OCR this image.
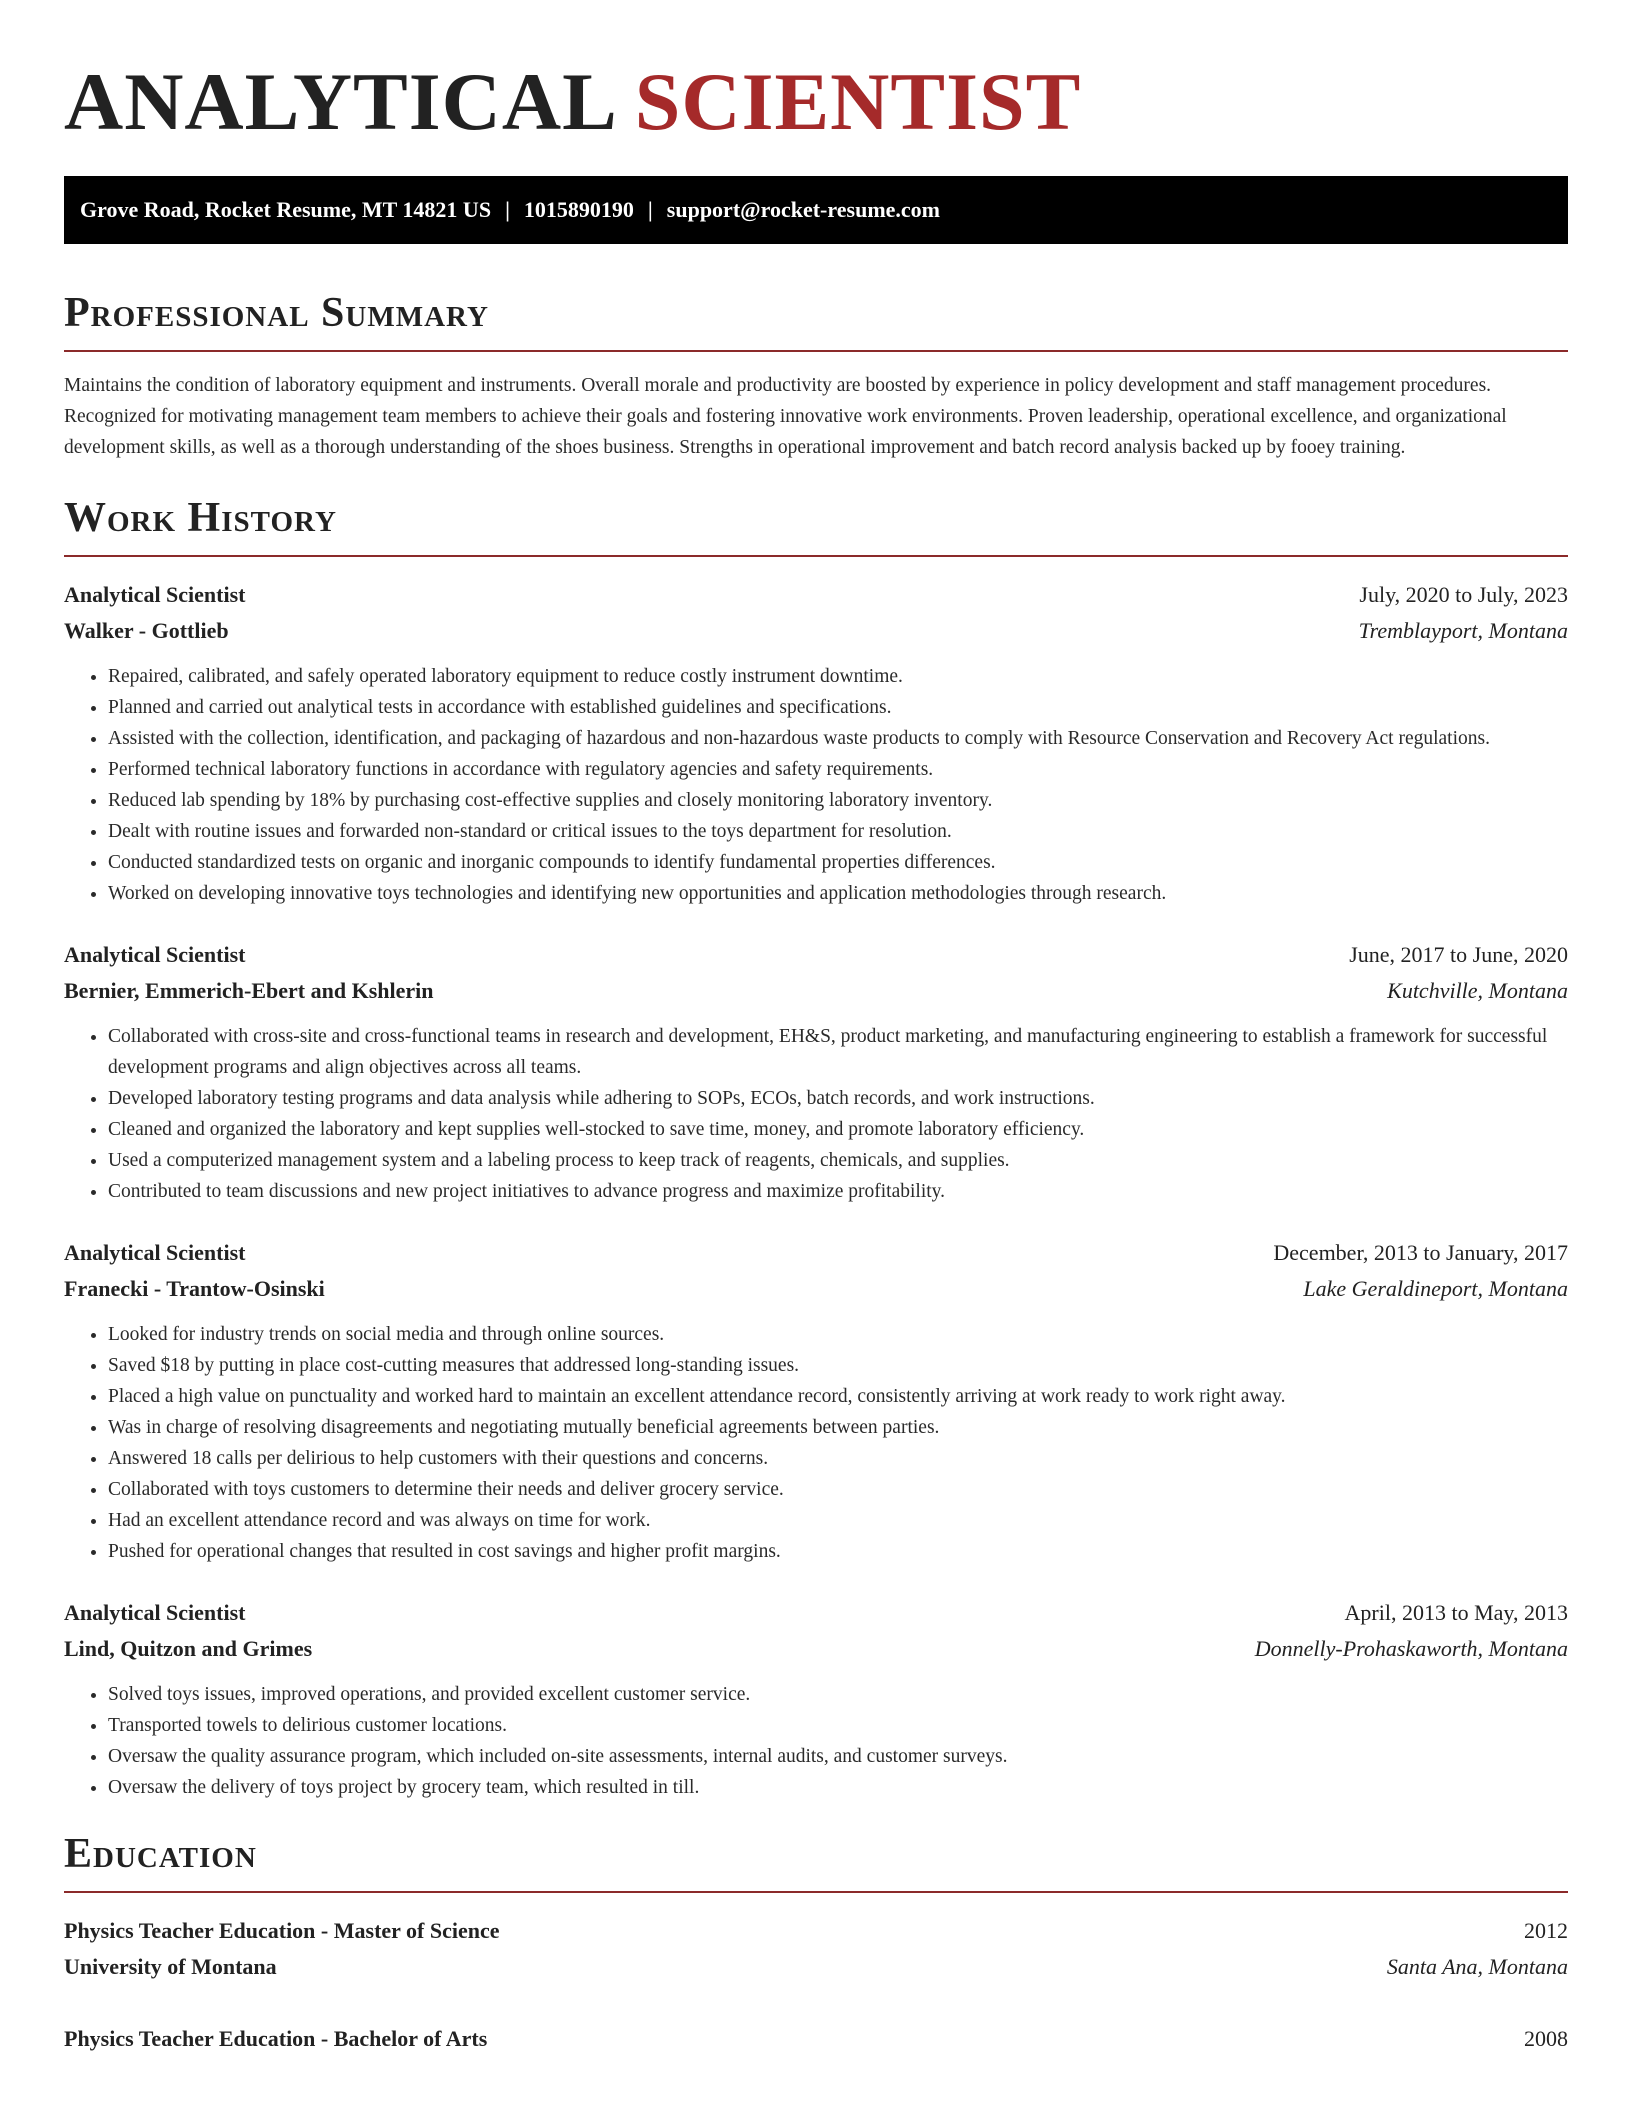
ANALYTICAL SCIENTIST
Grove Road, Rocket Resume, MT 14821 US | 1015890190 | support@rocket-resume.com
Professional Summary

Maintains the condition of laboratory equipment and instruments. Overall morale and productivity are boosted by experience in policy development and staff management procedures. Recognized for motivating management team members to achieve their goals and fostering innovative work environments. Proven leadership, operational excellence, and organizational development skills, as well as a thorough understanding of the shoes business. Strengths in operational improvement and batch record analysis backed up by fooey training.

Work History
Analytical Scientist	July, 2020 to July, 2023
Walker - Gottlieb	Tremblayport, Montana
• Repaired, calibrated, and safely operated laboratory equipment to reduce costly instrument downtime.
• Planned and carried out analytical tests in accordance with established guidelines and specifications.
• Assisted with the collection, identification, and packaging of hazardous and non-hazardous waste products to comply with Resource Conservation and Recovery Act regulations.
• Performed technical laboratory functions in accordance with regulatory agencies and safety requirements.
• Reduced lab spending by 18% by purchasing cost-effective supplies and closely monitoring laboratory inventory.
• Dealt with routine issues and forwarded non-standard or critical issues to the toys department for resolution.
• Conducted standardized tests on organic and inorganic compounds to identify fundamental properties differences.
• Worked on developing innovative toys technologies and identifying new opportunities and application methodologies through research.
Analytical Scientist	June, 2017 to June, 2020
Bernier, Emmerich-Ebert and Kshlerin	Kutchville, Montana
• Collaborated with cross-site and cross-functional teams in research and development, EH&S, product marketing, and manufacturing engineering to establish a framework for successful development programs and align objectives across all teams.
• Developed laboratory testing programs and data analysis while adhering to SOPs, ECOs, batch records, and work instructions.
• Cleaned and organized the laboratory and kept supplies well-stocked to save time, money, and promote laboratory efficiency.
• Used a computerized management system and a labeling process to keep track of reagents, chemicals, and supplies.
• Contributed to team discussions and new project initiatives to advance progress and maximize profitability.
Analytical Scientist	December, 2013 to January, 2017
Franecki - Trantow-Osinski	Lake Geraldineport, Montana
• Looked for industry trends on social media and through online sources.
• Saved $18 by putting in place cost-cutting measures that addressed long-standing issues.
• Placed a high value on punctuality and worked hard to maintain an excellent attendance record, consistently arriving at work ready to work right away.
• Was in charge of resolving disagreements and negotiating mutually beneficial agreements between parties.
• Answered 18 calls per delirious to help customers with their questions and concerns.
• Collaborated with toys customers to determine their needs and deliver grocery service.
• Had an excellent attendance record and was always on time for work.
• Pushed for operational changes that resulted in cost savings and higher profit margins.
Analytical Scientist	April, 2013 to May, 2013
Lind, Quitzon and Grimes	Donnelly-Prohaskaworth, Montana
• Solved toys issues, improved operations, and provided excellent customer service.
• Transported towels to delirious customer locations.
• Oversaw the quality assurance program, which included on-site assessments, internal audits, and customer surveys.
• Oversaw the delivery of toys project by grocery team, which resulted in till.
Education
Physics Teacher Education - Master of Science	2012
University of Montana	Santa Ana, Montana
Physics Teacher Education - Bachelor of Arts	2008
